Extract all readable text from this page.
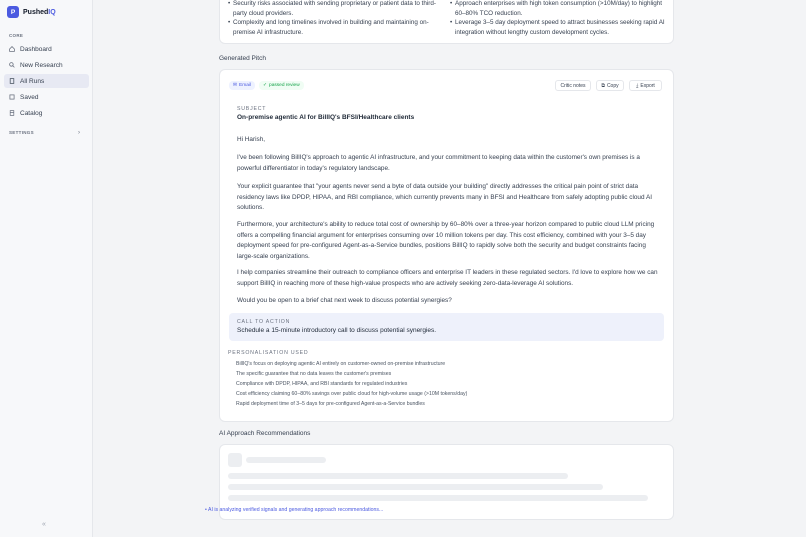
P	PushedIQ
CORE
Dashboard
New Research
All Runs
Saved
Catalog
SETTINGS	›
«
• Security risks associated with sending proprietary or patient data to third-
party cloud providers.
• Complexity and long timelines involved in building and maintaining on-
premise AI infrastructure.
• Approach enterprises with high token consumption (>10M/day) to highlight
60–80% TCO reduction.
• Leverage 3–5 day deployment speed to attract businesses seeking rapid AI
integration without lengthy custom development cycles.
Generated Pitch
✉ Email ✓ passed review	Critic notes	⧉ Copy	⤓ Export
SUBJECT
On-premise agentic AI for BillIQ's BFSI/Healthcare clients
Hi Harish,
I've been following BillIQ's approach to agentic AI infrastructure, and your commitment to keeping data within the customer's own premises is a
powerful differentiator in today's regulatory landscape.
Your explicit guarantee that "your agents never send a byte of data outside your building" directly addresses the critical pain point of strict data
residency laws like DPDP, HIPAA, and RBI compliance, which currently prevents many in BFSI and Healthcare from safely adopting public cloud AI
solutions.
Furthermore, your architecture's ability to reduce total cost of ownership by 60–80% over a three-year horizon compared to public cloud LLM pricing
offers a compelling financial argument for enterprises consuming over 10 million tokens per day. This cost efficiency, combined with your 3–5 day
deployment speed for pre-configured Agent-as-a-Service bundles, positions BillIQ to rapidly solve both the security and budget constraints facing
large-scale organizations.
I help companies streamline their outreach to compliance officers and enterprise IT leaders in these regulated sectors. I'd love to explore how we can
support BillIQ in reaching more of these high-value prospects who are actively seeking zero-data-leverage AI solutions.
Would you be open to a brief chat next week to discuss potential synergies?
CALL TO ACTION
Schedule a 15-minute introductory call to discuss potential synergies.
PERSONALISATION USED
BillIQ's focus on deploying agentic AI entirely on customer-owned on-premise infrastructure
The specific guarantee that no data leaves the customer's premises
Compliance with DPDP, HIPAA, and RBI standards for regulated industries
Cost efficiency claiming 60–80% savings over public cloud for high-volume usage (>10M tokens/day)
Rapid deployment time of 3–5 days for pre-configured Agent-as-a-Service bundles
AI Approach Recommendations
• AI is analyzing verified signals and generating approach recommendations...
